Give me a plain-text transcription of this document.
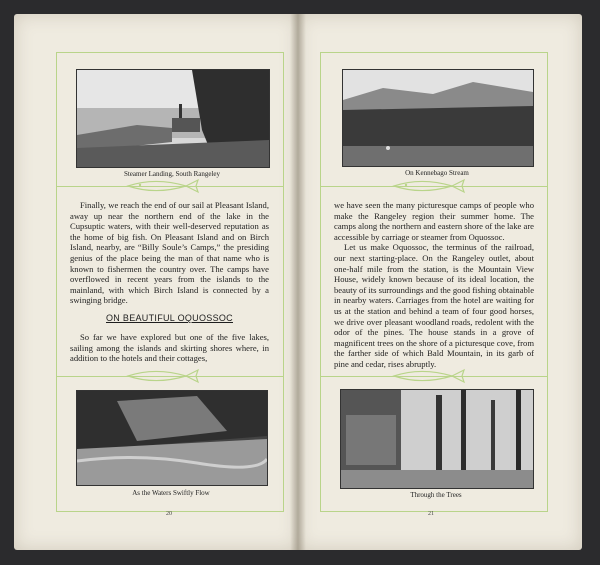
Steamer Landing, South Rangeley

Finally, we reach the end of our sail at Pleasant Island, away up near the northern end of the lake in the Cupsuptic waters, with their well-deserved reputation as the home of big fish. On Pleasant Island and on Birch Island, nearby, are “Billy Soule’s Camps,” the presiding genius of the place being the man of that name who is known to fishermen the country over. The camps have overflowed in recent years from the islands to the mainland, with which Birch Island is connected by a swinging bridge.

ON BEAUTIFUL OQUOSSOC

So far we have explored but one of the five lakes, sailing among the islands and skirting shores where, in addition to the hotels and their cottages,

As the Waters Swiftly Flow
20
On Kennebago Stream

we have seen the many picturesque camps of people who make the Rangeley region their summer home. The camps along the northern and eastern shore of the lake are accessible by carriage or steamer from Oquossoc.

Let us make Oquossoc, the terminus of the railroad, our next starting-place. On the Rangeley outlet, about one-half mile from the station, is the Mountain View House, widely known because of its ideal location, the beauty of its surroundings and the good fishing obtainable in nearby waters. Carriages from the hotel are waiting for us at the station and behind a team of four good horses, we drive over pleasant woodland roads, redolent with the odor of the pines. The house stands in a grove of magnificent trees on the shore of a picturesque cove, from the farther side of which Bald Mountain, in its garb of pine and cedar, rises abruptly.

Through the Trees
21
